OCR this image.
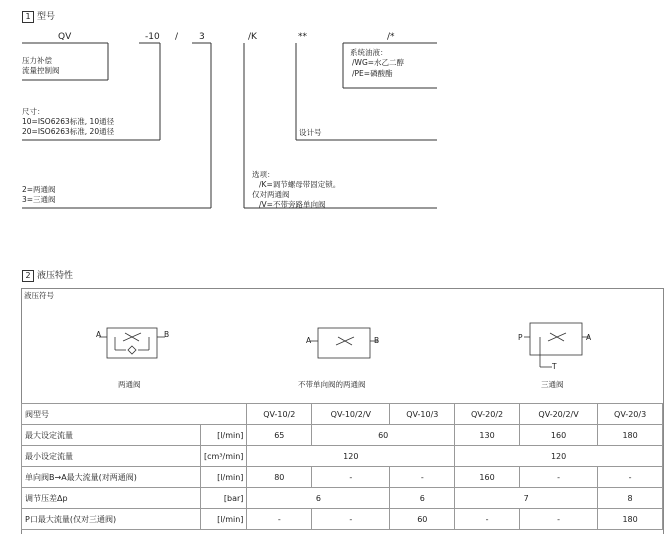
1 型号
QV	-10 / 3	/K	**	/*
压力补偿
流量控制阀
尺寸：
10=ISO6263标准, 10通径
20=ISO6263标准, 20通径
2=两通阀
3=三通阀
设计号
系统油液：
/WG=水乙二醇
/PE=磷酸酯
选项：
/K=调节螺母带固定锁。
仅对两通阀
/V=不带旁路单向阀
2 液压特性
液压符号
A	B
两通阀
A	B
不带单向阀的两通阀
P	A
T
三通阀
阀型号		QV-10/2	QV-10/2/V	QV-10/3	QV-20/2	QV-20/2/V	QV-20/3
最大设定流量	[l/min]	65	60		130	160	180
最小设定流量	[cm³/min]	120			120		
单向阀B→A最大流量(对两通阀)	[l/min]	80	-	-	160	-	-
调节压差Δp	[bar]	6		6	7		8
P口最大流量(仅对三通阀)	[l/min]	-	-	60	-	-	180
